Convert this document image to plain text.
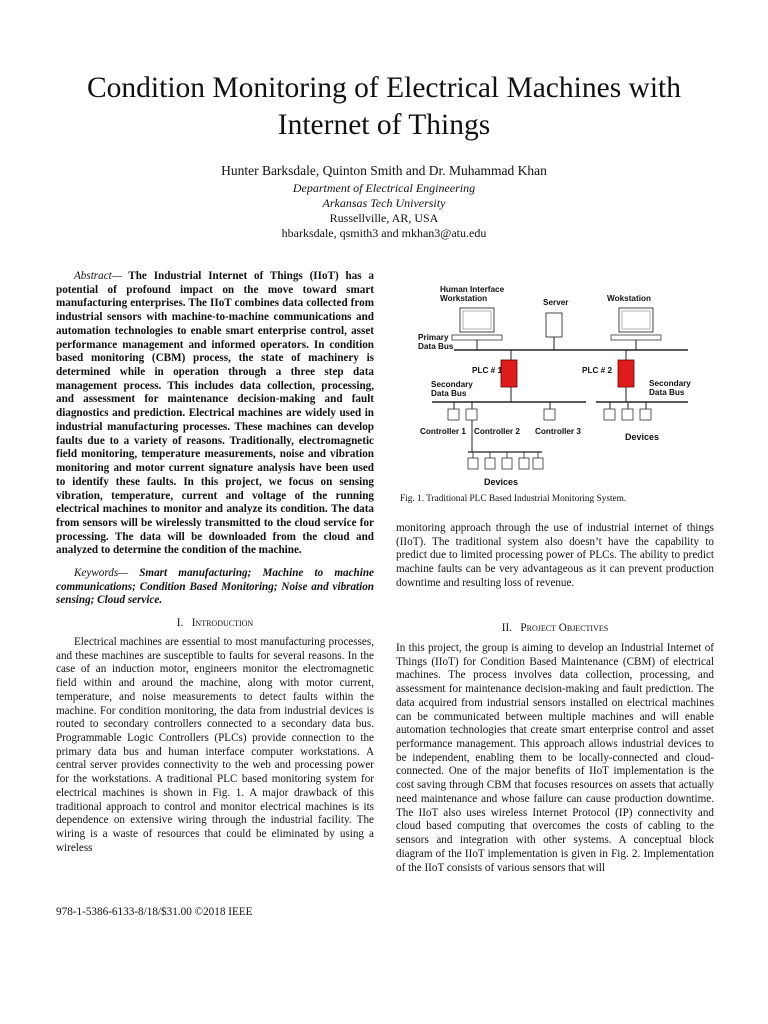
Condition Monitoring of Electrical Machines with
Internet of Things
Hunter Barksdale, Quinton Smith and Dr. Muhammad Khan
Department of Electrical Engineering
Arkansas Tech University
Russellville, AR, USA
hbarksdale, qsmith3 and mkhan3@atu.edu

Abstract— The Industrial Internet of Things (IIoT) has a potential of profound impact on the move toward smart manufacturing enterprises. The IIoT combines data collected from industrial sensors with machine-to-machine communications and automation technologies to enable smart enterprise control, asset performance management and informed operators. In condition based monitoring (CBM) process, the state of machinery is determined while in operation through a three step data management process. This includes data collection, processing, and assessment for maintenance decision-making and fault diagnostics and prediction. Electrical machines are widely used in industrial manufacturing processes. These machines can develop faults due to a variety of reasons. Traditionally, electromagnetic field monitoring, temperature measurements, noise and vibration monitoring and motor current signature analysis have been used to identify these faults. In this project, we focus on sensing vibration, temperature, current and voltage of the running electrical machines to monitor and analyze its condition. The data from sensors will be wirelessly transmitted to the cloud service for processing. The data will be downloaded from the cloud and analyzed to determine the condition of the machine.

Keywords— Smart manufacturing; Machine to machine communications; Condition Based Monitoring; Noise and vibration sensing; Cloud service.

I. Introduction

Electrical machines are essential to most manufacturing processes, and these machines are susceptible to faults for several reasons. In the case of an induction motor, engineers monitor the electromagnetic field within and around the machine, along with motor current, temperature, and noise measurements to detect faults within the machine. For condition monitoring, the data from industrial devices is routed to secondary controllers connected to a secondary data bus. Programmable Logic Controllers (PLCs) provide connection to the primary data bus and human interface computer workstations. A central server provides connectivity to the web and processing power for the workstations. A traditional PLC based monitoring system for electrical machines is shown in Fig. 1. A major drawback of this traditional approach to control and monitor electrical machines is its dependence on extensive wiring through the industrial facility. The wiring is a waste of resources that could be eliminated by using a wireless

978-1-5386-6133-8/18/$31.00 ©2018 IEEE
Human Interface
Workstation	Server	Wokstation
Primary
Data Bus
PLC # 1	PLC # 2
Secondary
Data Bus
Secondary
Data Bus
Controller 1 Controller 2 Controller 3
Devices
Devices
Fig. 1. Traditional PLC Based Industrial Monitoring System.

monitoring approach through the use of industrial internet of things (IIoT). The traditional system also doesn’t have the capability to predict due to limited processing power of PLCs. The ability to predict machine faults can be very advantageous as it can prevent production downtime and resulting loss of revenue.

II. Project Objectives

In this project, the group is aiming to develop an Industrial Internet of Things (IIoT) for Condition Based Maintenance (CBM) of electrical machines. The process involves data collection, processing, and assessment for maintenance decision-making and fault prediction. The data acquired from industrial sensors installed on electrical machines can be communicated between multiple machines and will enable automation technologies that create smart enterprise control and asset performance management. This approach allows industrial devices to be independent, enabling them to be locally-connected and cloud-connected. One of the major benefits of IIoT implementation is the cost saving through CBM that focuses resources on assets that actually need maintenance and whose failure can cause production downtime. The IIoT also uses wireless Internet Protocol (IP) connectivity and cloud based computing that overcomes the costs of cabling to the sensors and integration with other systems. A conceptual block diagram of the IIoT implementation is given in Fig. 2. Implementation of the IIoT consists of various sensors that will
